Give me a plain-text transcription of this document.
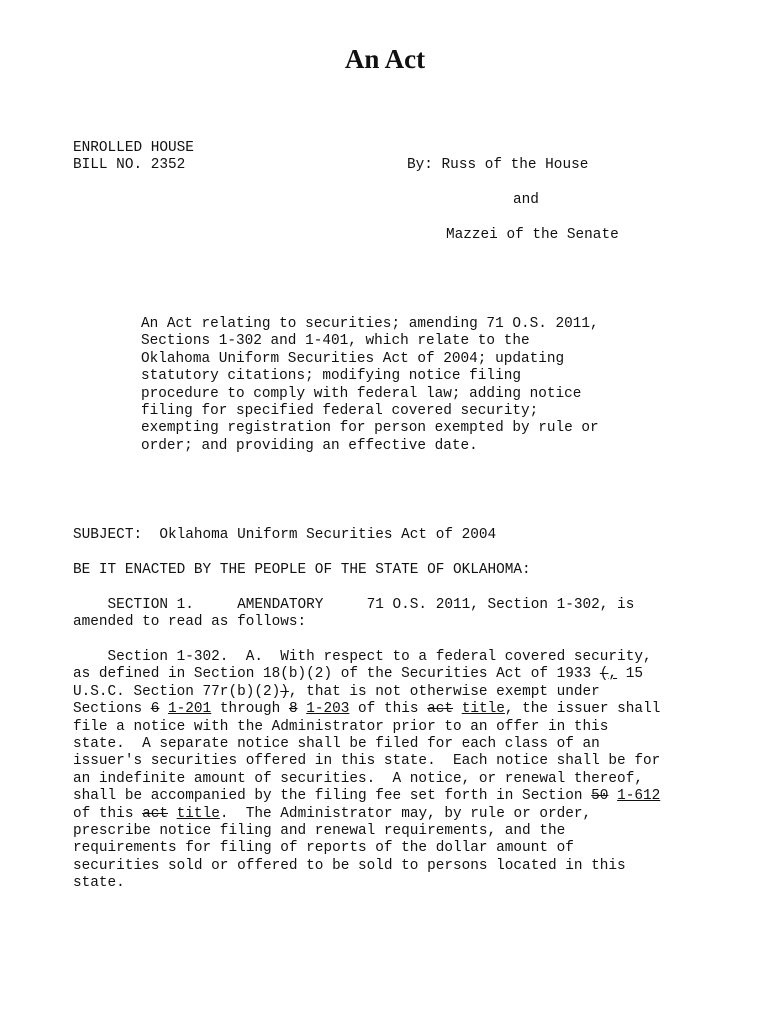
An Act
ENROLLED HOUSE
BILL NO. 2352	By: Russ of the House
and
Mazzei of the Senate
An Act relating to securities; amending 71 O.S. 2011,
Sections 1-302 and 1-401, which relate to the
Oklahoma Uniform Securities Act of 2004; updating
statutory citations; modifying notice filing
procedure to comply with federal law; adding notice
filing for specified federal covered security;
exempting registration for person exempted by rule or
order; and providing an effective date.
SUBJECT:  Oklahoma Uniform Securities Act of 2004
BE IT ENACTED BY THE PEOPLE OF THE STATE OF OKLAHOMA:
SECTION 1.     AMENDATORY     71 O.S. 2011, Section 1-302, is
amended to read as follows:
Section 1-302.  A.  With respect to a federal covered security,
as defined in Section 18(b)(2) of the Securities Act of 1933 (, 15
U.S.C. Section 77r(b)(2)), that is not otherwise exempt under
Sections 6 1-201 through 8 1-203 of this act title, the issuer shall
file a notice with the Administrator prior to an offer in this
state.  A separate notice shall be filed for each class of an
issuer's securities offered in this state.  Each notice shall be for
an indefinite amount of securities.  A notice, or renewal thereof,
shall be accompanied by the filing fee set forth in Section 50 1-612
of this act title.  The Administrator may, by rule or order,
prescribe notice filing and renewal requirements, and the
requirements for filing of reports of the dollar amount of
securities sold or offered to be sold to persons located in this
state.
